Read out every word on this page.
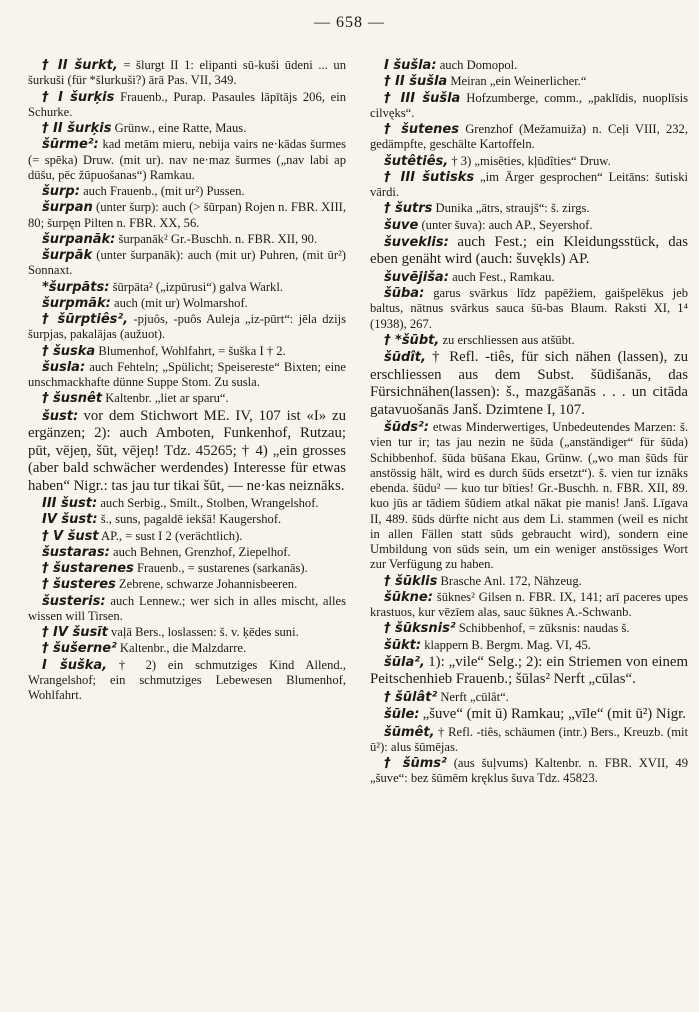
— 658 —

† II šurkt, = šlurgt II 1: elipanti sū-kuši ūdeni ... un šurkuši (für *šlurkuši?) ārā Pas. VII, 349.

† I šurķis Frauenb., Purap. Pasaules lāpītājs 206, ein Schurke.

† II šurķis Grünw., eine Ratte, Maus.

šūrme²: kad metām mieru, nebija vairs ne·kādas šurmes (= spēka) Druw. (mit ur). nav ne·maz šurmes („nav labi ap dūšu, pēc žūpuošanas“) Ramkau.

šurp: auch Frauenb., (mit ur²) Pussen.

šurpan (unter šurp): auch (> šūrpan) Rojen n. FBR. XIII, 80; šurpęn Pilten n. FBR. XX, 56.

šurpanāk: šurpanāk² Gr.-Buschh. n. FBR. XII, 90.

šurpāk (unter šurpanāk): auch (mit ur) Puhren, (mit ūr²) Sonnaxt.

*šurpāts: šūrpāta² („izpūrusi“) galva Warkl.

šurpmāk: auch (mit ur) Wolmarshof.

† šūrptiês², -pjuôs, -puôs Auleja „iz-pūrt“: jēla dzijs šurpjas, pakalājas (aužuot).

† šuska Blumenhof, Wohlfahrt, = šuška I † 2.

šusla: auch Fehteln; „Spülicht; Speisereste“ Bixten; eine unschmackhafte dünne Suppe Stom. Zu susla.

† šusnêt Kaltenbr. „liet ar sparu“.

šust: vor dem Stichwort ME. IV, 107 ist «I» zu ergänzen; 2): auch Amboten, Funkenhof, Rutzau; pūt, vējeņ, šūt, vējeņ! Tdz. 45265; † 4) „ein grosses (aber bald schwächer werdendes) Interesse für etwas haben“ Nigr.: tas jau tur tikai šūt, — ne·kas neiznāks.

III šust: auch Serbig., Smilt., Stolben, Wrangelshof.

IV šust: š., suns, pagaldē iekšā! Kaugershof.

† V šust AP., = sust I 2 (verächtlich).

šustaras: auch Behnen, Grenzhof, Ziepelhof.

† šustarenes Frauenb., = sustarenes (sarkanās).

† šusteres Zebrene, schwarze Johannisbeeren.

šusteris: auch Lennew.; wer sich in alles mischt, alles wissen will Tirsen.

† IV šusīt vaļā Bers., loslassen: š. v. ķēdes suni.

† šušerne² Kaltenbr., die Malzdarre.

I šuška, † 2) ein schmutziges Kind Allend., Wrangelshof; ein schmutziges Lebewesen Blumenhof, Wohlfahrt.

I šušla: auch Domopol.

† II šušla Meiran „ein Weinerlicher.“

† III šušla Hofzumberge, comm., „paklīdis, nuoplīsis cilvęks“.

† šutenes Grenzhof (Mežamuiža) n. Ceļi VIII, 232, gedämpfte, geschälte Kartoffeln.

šutêtiês, † 3) „misêties, kļūdîties“ Druw.

† III šutisks „im Ärger gesprochen“ Leitāns: šutiski vārdi.

† šutrs Dunika „ātrs, straujš“: š. zirgs.

šuve (unter šuva): auch AP., Seyershof.

šuveklis: auch Fest.; ein Kleidungsstück, das eben genäht wird (auch: šuvękls) AP.

šuvējiša: auch Fest., Ramkau.

šūba: garus svārkus līdz papēžiem, gaišpelēkus jeb baltus, nātnus svārkus sauca šū-bas Blaum. Raksti XI, 1⁴ (1938), 267.

† *šūbt, zu erschliessen aus atšūbt.

šūdît, † Refl. -tiês, für sich nähen (lassen), zu erschliessen aus dem Subst. šūdišanās, das Fürsichnähen(lassen): š., mazgāšanās . . . un citāda gatavuošanās Janš. Dzimtene I, 107.

šūds²: etwas Minderwertiges, Unbedeutendes Marzen: š. vien tur ir; tas jau nezin ne šūda („anständiger“ für šūda) Schibbenhof. šūda būšana Ekau, Grünw. („wo man šūds für anstössig hält, wird es durch šūds ersetzt“). š. vien tur iznāks ebenda. šūdu² — kuo tur bīties! Gr.-Buschh. n. FBR. XII, 89. kuo jūs ar tādiem šūdiem atkal nākat pie manis! Janš. Līgava II, 489. šūds dürfte nicht aus dem Li. stammen (weil es nicht in allen Fällen statt sūds gebraucht wird), sondern eine Umbildung von sūds sein, um ein weniger anstössiges Wort zur Verfügung zu haben.

† šūklis Brasche Anl. 172, Nähzeug.

šūkne: šūknes² Gilsen n. FBR. IX, 141; arī paceres upes krastuos, kur vēzīem alas, sauc šūknes A.-Schwanb.

† šūksnis² Schibbenhof, = zūksnis: naudas š.

šūkt: klappern B. Bergm. Mag. VI, 45.

šūla², 1): „vile“ Selg.; 2): ein Striemen von einem Peitschenhieb Frauenb.; šūlas² Nerft „cūlas“.

† šūlât² Nerft „cūlât“.

šūle: „šuve“ (mit ū) Ramkau; „vīle“ (mit ū²) Nigr.

šūmêt, † Refl. -tiês, schäumen (intr.) Bers., Kreuzb. (mit ū²): alus šūmējas.

† šūms² (aus šuļvums) Kaltenbr. n. FBR. XVII, 49 „šuve“: bez šūmēm kręklus šuva Tdz. 45823.
